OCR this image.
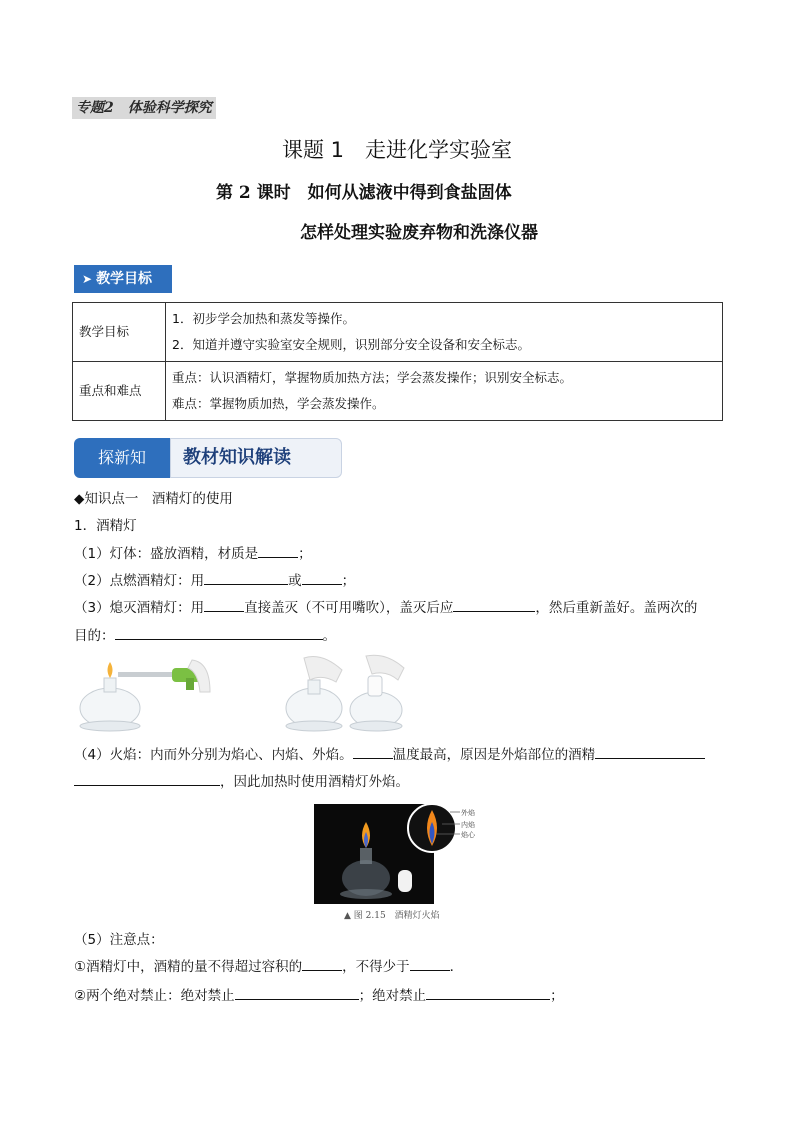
专题2　体验科学探究
课题 1　走进化学实验室
第 2 课时　如何从滤液中得到食盐固体
怎样处理实验废弃物和洗涤仪器
➤ 教学目标
教学目标	1．初步学会加热和蒸发等操作。
2．知道并遵守实验室安全规则，识别部分安全设备和安全标志。

重点和难点	重点：认识酒精灯，掌握物质加热方法；学会蒸发操作；识别安全标志。
难点：掌握物质加热，学会蒸发操作。
探新知	教材知识解读
◆知识点一　酒精灯的使用
1．酒精灯
（1）灯体：盛放酒精，材质是	；
（2）点燃酒精灯：用	或	；
（3）熄灭酒精灯：用	直接盖灭（不可用嘴吹），盖灭后应	，然后重新盖好。盖两次的
目的：	。
（4）火焰：内而外分别为焰心、内焰、外焰。	温度最高，原因是外焰部位的酒精
，因此加热时使用酒精灯外焰。
外焰
内焰
焰心
▲ 图 2.15　酒精灯火焰
（5）注意点：
①酒精灯中，酒精的量不得超过容积的	，不得少于	．
②两个绝对禁止：绝对禁止	；绝对禁止	；
